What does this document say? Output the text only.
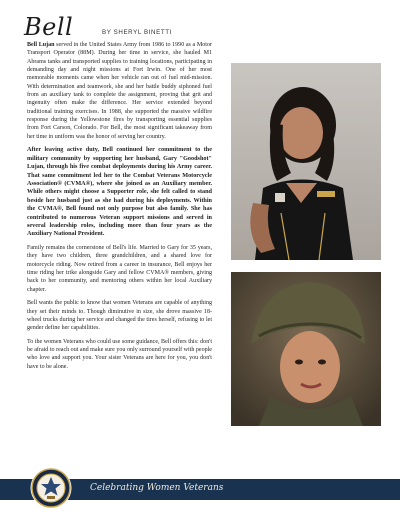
Bell	BY SHERYL BINETTI

Bell Lujan served in the United States Army from 1986 to 1990 as a Motor Transport Operator (88M). During her time in service, she hauled M1 Abrams tanks and transported supplies to training locations, participating in demanding day and night missions at Fort Irwin. One of her most memorable moments came when her vehicle ran out of fuel mid-mission. With determination and teamwork, she and her battle buddy siphoned fuel from an auxiliary tank to complete the assignment, proving that grit and ingenuity often make the difference. Her service extended beyond traditional training exercises. In 1988, she supported the massive wildfire response during the Yellowstone fires by transporting essential supplies from Fort Carson, Colorado. For Bell, the most significant takeaway from her time in uniform was the honor of serving her country.

After leaving active duty, Bell continued her commitment to the military community by supporting her husband, Gary "Goodshot" Lujan, through his five combat deployments during his Army career. That same commitment led her to the Combat Veterans Motorcycle Association® (CVMA®), where she joined as an Auxiliary member. While others might choose a Supporter role, she felt called to stand beside her husband just as she had during his deployments. Within the CVMA®, Bell found not only purpose but also family. She has contributed to numerous Veteran support missions and served in several leadership roles, including more than four years as the Auxiliary National President.

Family remains the cornerstone of Bell's life. Married to Gary for 35 years, they have two children, three grandchildren, and a shared love for motorcycle riding. Now retired from a career in insurance, Bell enjoys her time riding her trike alongside Gary and fellow CVMA® members, giving back to her community, and mentoring others within her local Auxiliary chapter.

Bell wants the public to know that women Veterans are capable of anything they set their minds to. Though diminutive in size, she drove massive 18-wheel trucks during her service and changed the tires herself, refusing to let gender define her capabilities.

To the women Veterans who could use some guidance, Bell offers this: don't be afraid to reach out and make sure you only surround yourself with people who love and support you. Your sister Veterans are here for you, you don't have to be alone.

Celebrating Women Veterans
